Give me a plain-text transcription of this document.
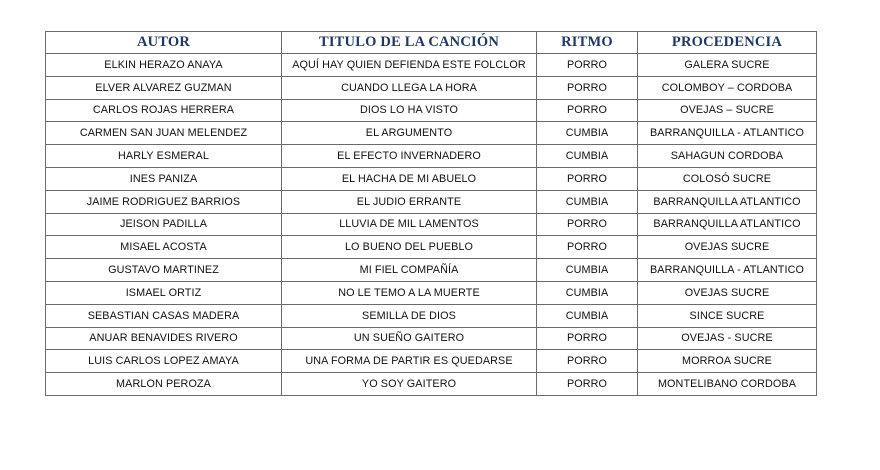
AUTOR	TITULO DE LA CANCIÓN	RITMO	PROCEDENCIA
ELKIN HERAZO ANAYA	AQUÍ HAY QUIEN DEFIENDA ESTE FOLCLOR	PORRO	GALERA SUCRE
ELVER ALVAREZ GUZMAN	CUANDO LLEGA LA HORA	PORRO	COLOMBOY – CORDOBA
CARLOS ROJAS HERRERA	DIOS LO HA VISTO	PORRO	OVEJAS – SUCRE
CARMEN SAN JUAN MELENDEZ	EL ARGUMENTO	CUMBIA	BARRANQUILLA - ATLANTICO
HARLY ESMERAL	EL EFECTO INVERNADERO	CUMBIA	SAHAGUN CORDOBA
INES PANIZA	EL HACHA DE MI ABUELO	PORRO	COLOSÓ SUCRE
JAIME RODRIGUEZ BARRIOS	EL JUDIO ERRANTE	CUMBIA	BARRANQUILLA ATLANTICO
JEISON PADILLA	LLUVIA DE MIL LAMENTOS	PORRO	BARRANQUILLA ATLANTICO
MISAEL ACOSTA	LO BUENO DEL PUEBLO	PORRO	OVEJAS SUCRE
GUSTAVO MARTINEZ	MI FIEL COMPAÑÍA	CUMBIA	BARRANQUILLA - ATLANTICO
ISMAEL ORTIZ	NO LE TEMO A LA MUERTE	CUMBIA	OVEJAS SUCRE
SEBASTIAN CASAS MADERA	SEMILLA DE DIOS	CUMBIA	SINCE SUCRE
ANUAR BENAVIDES RIVERO	UN SUEÑO GAITERO	PORRO	OVEJAS - SUCRE
LUIS CARLOS LOPEZ AMAYA	UNA FORMA DE PARTIR ES QUEDARSE	PORRO	MORROA SUCRE
MARLON PEROZA	YO SOY GAITERO	PORRO	MONTELIBANO CORDOBA
